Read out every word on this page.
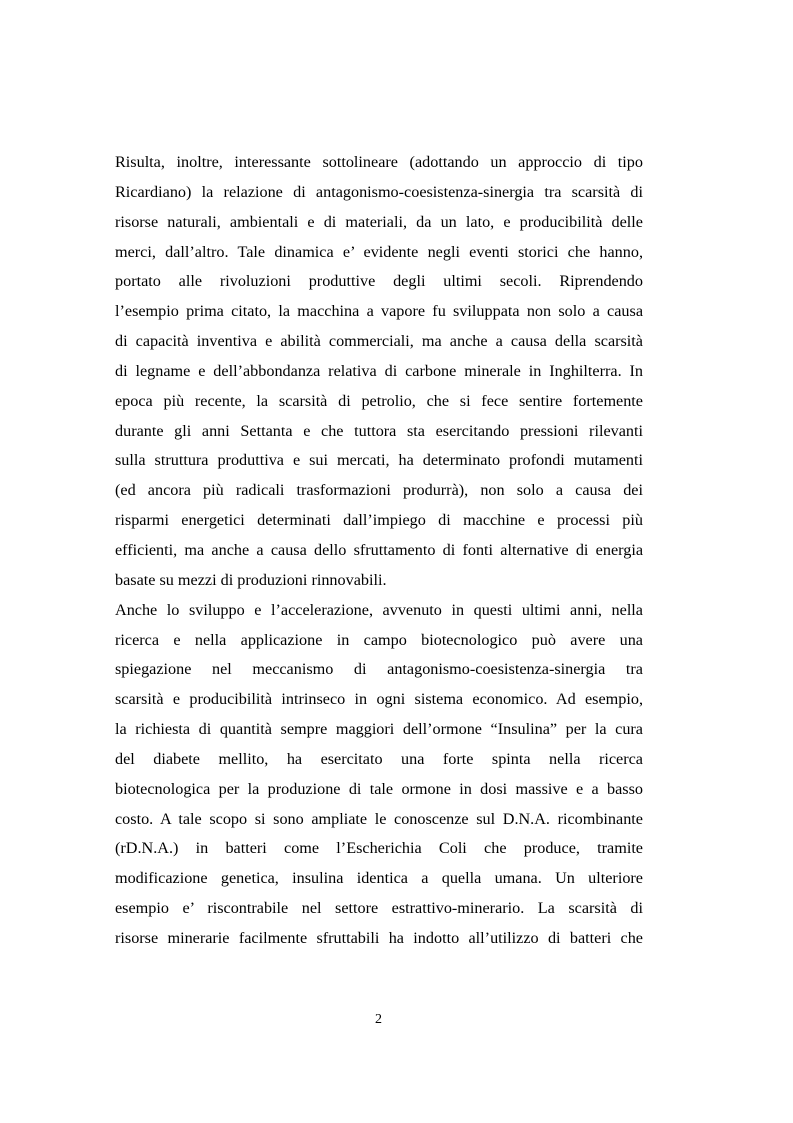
Risulta, inoltre, interessante sottolineare (adottando un approccio di tipo
Ricardiano) la relazione di antagonismo-coesistenza-sinergia tra scarsità di
risorse naturali, ambientali e di materiali, da un lato, e producibilità delle
merci, dall’altro. Tale dinamica e’ evidente negli eventi storici che hanno,
portato alle rivoluzioni produttive degli ultimi secoli. Riprendendo
l’esempio prima citato, la macchina a vapore fu sviluppata non solo a causa
di capacità inventiva e abilità commerciali, ma anche a causa della scarsità
di legname e dell’abbondanza relativa di carbone minerale in Inghilterra. In
epoca più recente, la scarsità di petrolio, che si fece sentire fortemente
durante gli anni Settanta e che tuttora sta esercitando pressioni rilevanti
sulla struttura produttiva e sui mercati, ha determinato profondi mutamenti
(ed ancora più radicali trasformazioni produrrà), non solo a causa dei
risparmi energetici determinati dall’impiego di macchine e processi più
efficienti, ma anche a causa dello sfruttamento di fonti alternative di energia
basate su mezzi di produzioni rinnovabili.

Anche lo sviluppo e l’accelerazione, avvenuto in questi ultimi anni, nella
ricerca e nella applicazione in campo biotecnologico può avere una
spiegazione nel meccanismo di antagonismo-coesistenza-sinergia tra
scarsità e producibilità intrinseco in ogni sistema economico. Ad esempio,
la richiesta di quantità sempre maggiori dell’ormone “Insulina” per la cura
del diabete mellito, ha esercitato una forte spinta nella ricerca
biotecnologica per la produzione di tale ormone in dosi massive e a basso
costo. A tale scopo si sono ampliate le conoscenze sul D.N.A. ricombinante
(rD.N.A.) in batteri come l’Escherichia Coli che produce, tramite
modificazione genetica, insulina identica a quella umana. Un ulteriore
esempio e’ riscontrabile nel settore estrattivo-minerario. La scarsità di
risorse minerarie facilmente sfruttabili ha indotto all’utilizzo di batteri che

2
